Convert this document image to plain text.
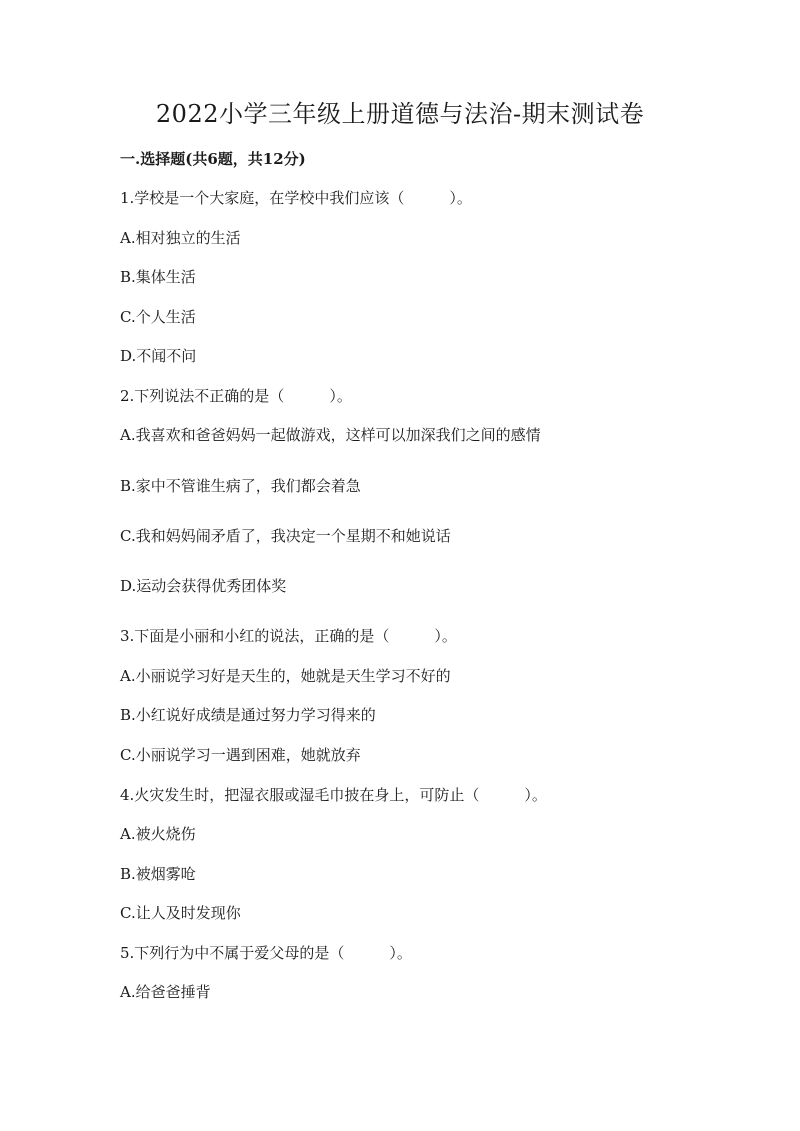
2022小学三年级上册道德与法治-期末测试卷
一.选择题(共6题，共12分)
1.学校是一个大家庭，在学校中我们应该（　　　）。
A.相对独立的生活
B.集体生活
C.个人生活
D.不闻不问
2.下列说法不正确的是（　　　）。
A.我喜欢和爸爸妈妈一起做游戏，这样可以加深我们之间的感情
B.家中不管谁生病了，我们都会着急
C.我和妈妈闹矛盾了，我决定一个星期不和她说话
D.运动会获得优秀团体奖
3.下面是小丽和小红的说法，正确的是（　　　）。
A.小丽说学习好是天生的，她就是天生学习不好的
B.小红说好成绩是通过努力学习得来的
C.小丽说学习一遇到困难，她就放弃
4.火灾发生时，把湿衣服或湿毛巾披在身上，可防止（　　　）。
A.被火烧伤
B.被烟雾呛
C.让人及时发现你
5.下列行为中不属于爱父母的是（　　　）。
A.给爸爸捶背
